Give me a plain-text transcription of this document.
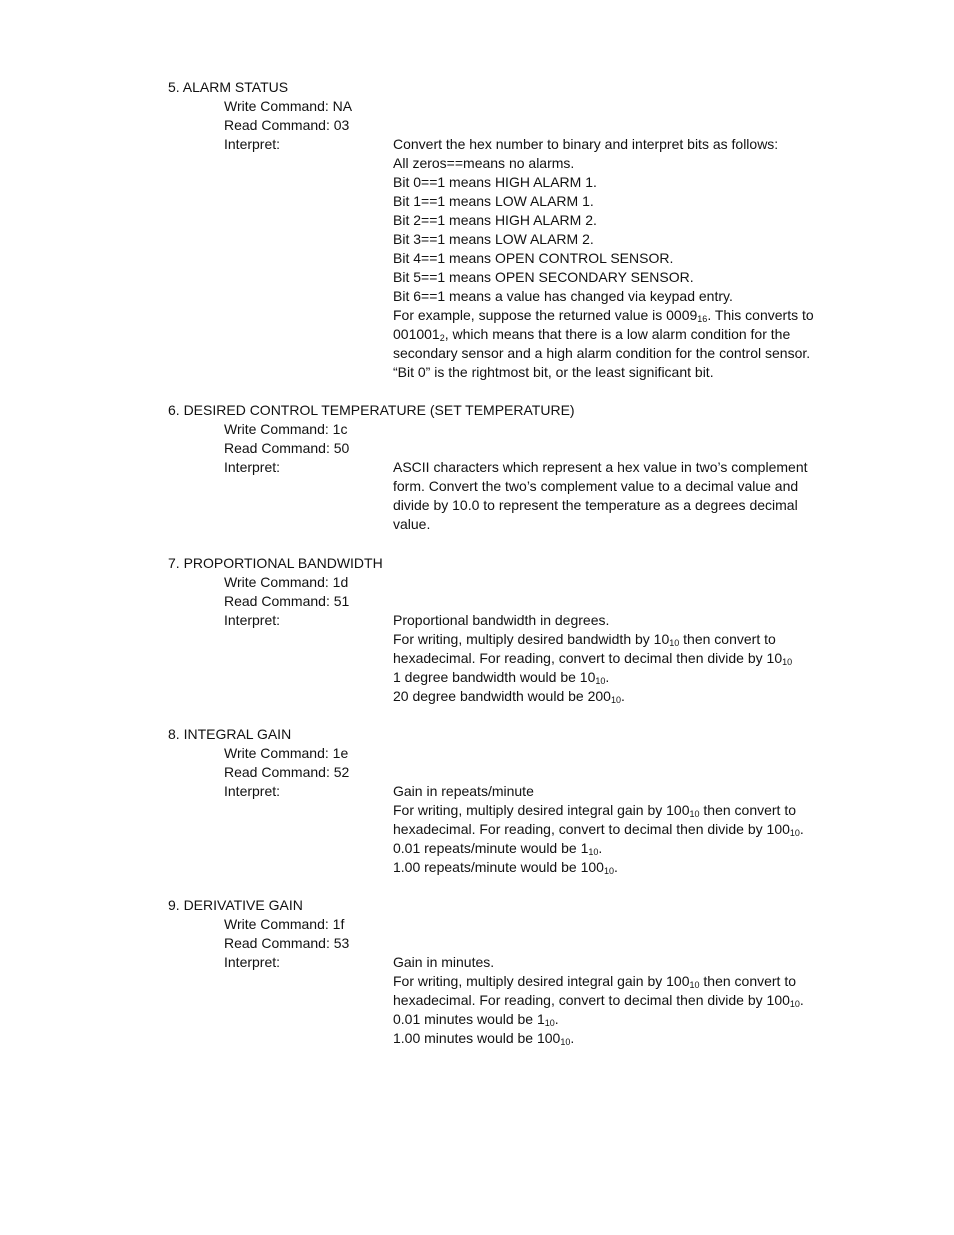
5. ALARM STATUS
Write Command: NA
Read Command: 03
Interpret:	Convert the hex number to binary and interpret bits as follows:
All zeros==means no alarms.
Bit 0==1 means HIGH ALARM 1.
Bit 1==1 means LOW ALARM 1.
Bit 2==1 means HIGH ALARM 2.
Bit 3==1 means LOW ALARM 2.
Bit 4==1 means OPEN CONTROL SENSOR.
Bit 5==1 means OPEN SECONDARY SENSOR.
Bit 6==1 means a value has changed via keypad entry.
For example, suppose the returned value is $0009_{16}$. This converts to
$001001_2$, which means that there is a low alarm condition for the
secondary sensor and a high alarm condition for the control sensor.
“Bit 0” is the rightmost bit, or the least significant bit.
6. DESIRED CONTROL TEMPERATURE (SET TEMPERATURE)
Write Command: 1c
Read Command: 50
Interpret:	ASCII characters which represent a hex value in two’s complement
form. Convert the two’s complement value to a decimal value and
divide by 10.0 to represent the temperature as a degrees decimal
value.
7. PROPORTIONAL BANDWIDTH
Write Command: 1d
Read Command: 51
Interpret:	Proportional bandwidth in degrees.
For writing, multiply desired bandwidth by $10_{10}$ then convert to
hexadecimal. For reading, convert to decimal then divide by $10_{10}$
1 degree bandwidth would be $10_{10}$.
20 degree bandwidth would be $200_{10}$.
8. INTEGRAL GAIN
Write Command: 1e
Read Command: 52
Interpret:	Gain in repeats/minute
For writing, multiply desired integral gain by $100_{10}$ then convert to
hexadecimal. For reading, convert to decimal then divide by $100_{10}$.
0.01 repeats/minute would be $1_{10}$.
1.00 repeats/minute would be $100_{10}$.
9. DERIVATIVE GAIN
Write Command: 1f
Read Command: 53
Interpret:	Gain in minutes.
For writing, multiply desired integral gain by $100_{10}$ then convert to
hexadecimal. For reading, convert to decimal then divide by $100_{10}$.
0.01 minutes would be $1_{10}$.
1.00 minutes would be $100_{10}$.
